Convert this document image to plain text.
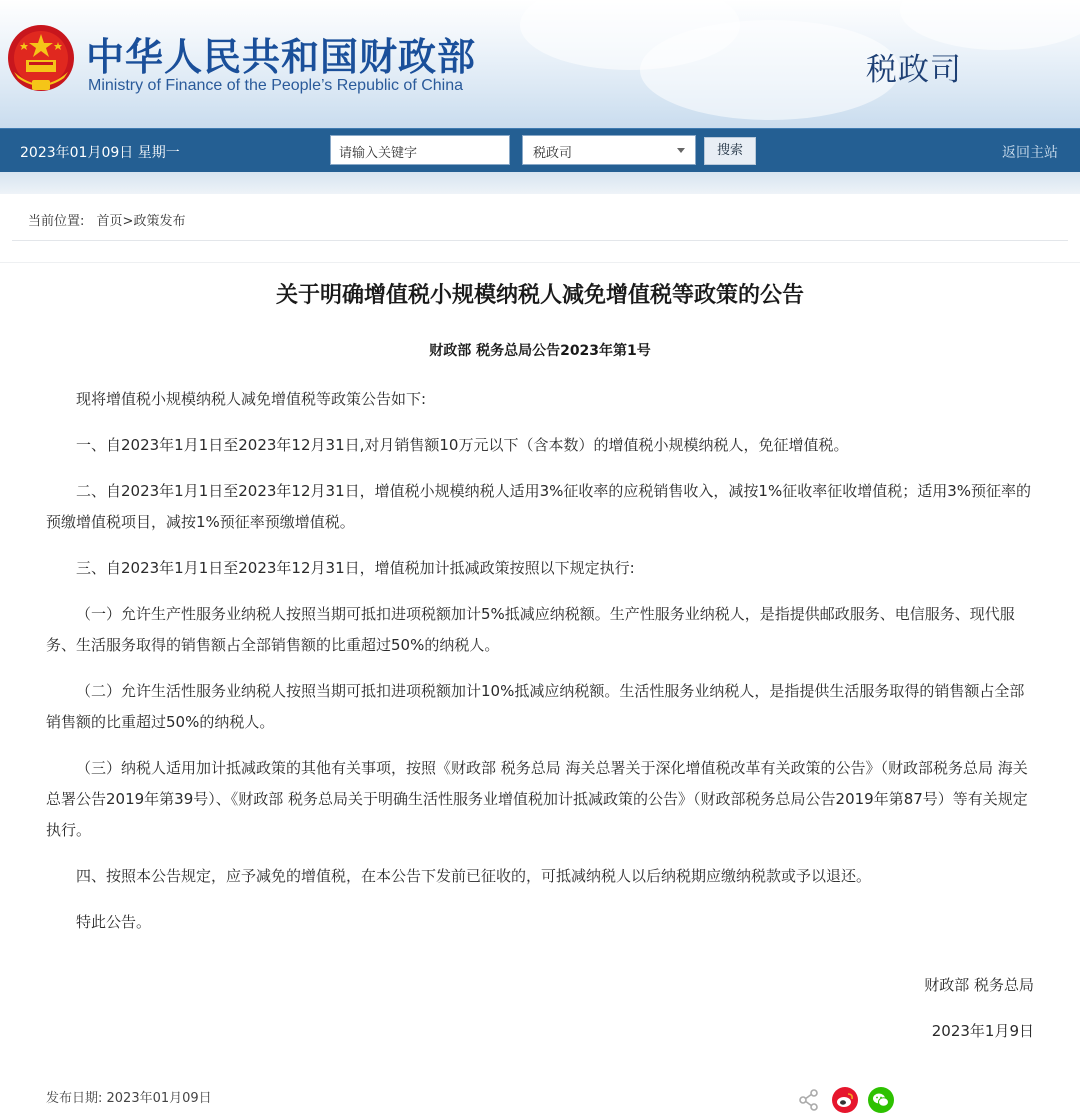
中华人民共和国财政部
Ministry of Finance of the People’s Republic of China	税政司
2023年01月09日 星期一	请输入关键字	税政司	搜索	返回主站
当前位置: 首页>政策发布
关于明确增值税小规模纳税人减免增值税等政策的公告
财政部 税务总局公告2023年第1号

现将增值税小规模纳税人减免增值税等政策公告如下:

一、自2023年1月1日至2023年12月31日,对月销售额10万元以下（含本数）的增值税小规模纳税人，免征增值税。

二、自2023年1月1日至2023年12月31日，增值税小规模纳税人适用3%征收率的应税销售收入，减按1%征收率征收增值税；适用3%预征率的预缴增值税项目，减按1%预征率预缴增值税。

三、自2023年1月1日至2023年12月31日，增值税加计抵减政策按照以下规定执行:

（一）允许生产性服务业纳税人按照当期可抵扣进项税额加计5%抵减应纳税额。生产性服务业纳税人，是指提供邮政服务、电信服务、现代服务、生活服务取得的销售额占全部销售额的比重超过50%的纳税人。

（二）允许生活性服务业纳税人按照当期可抵扣进项税额加计10%抵减应纳税额。生活性服务业纳税人，是指提供生活服务取得的销售额占全部销售额的比重超过50%的纳税人。

（三）纳税人适用加计抵减政策的其他有关事项，按照《财政部 税务总局 海关总署关于深化增值税改革有关政策的公告》（财政部税务总局 海关总署公告2019年第39号）、《财政部 税务总局关于明确生活性服务业增值税加计抵减政策的公告》（财政部税务总局公告2019年第87号）等有关规定执行。

四、按照本公告规定，应予减免的增值税，在本公告下发前已征收的，可抵减纳税人以后纳税期应缴纳税款或予以退还。

特此公告。

财政部 税务总局
2023年1月9日
发布日期: 2023年01月09日
